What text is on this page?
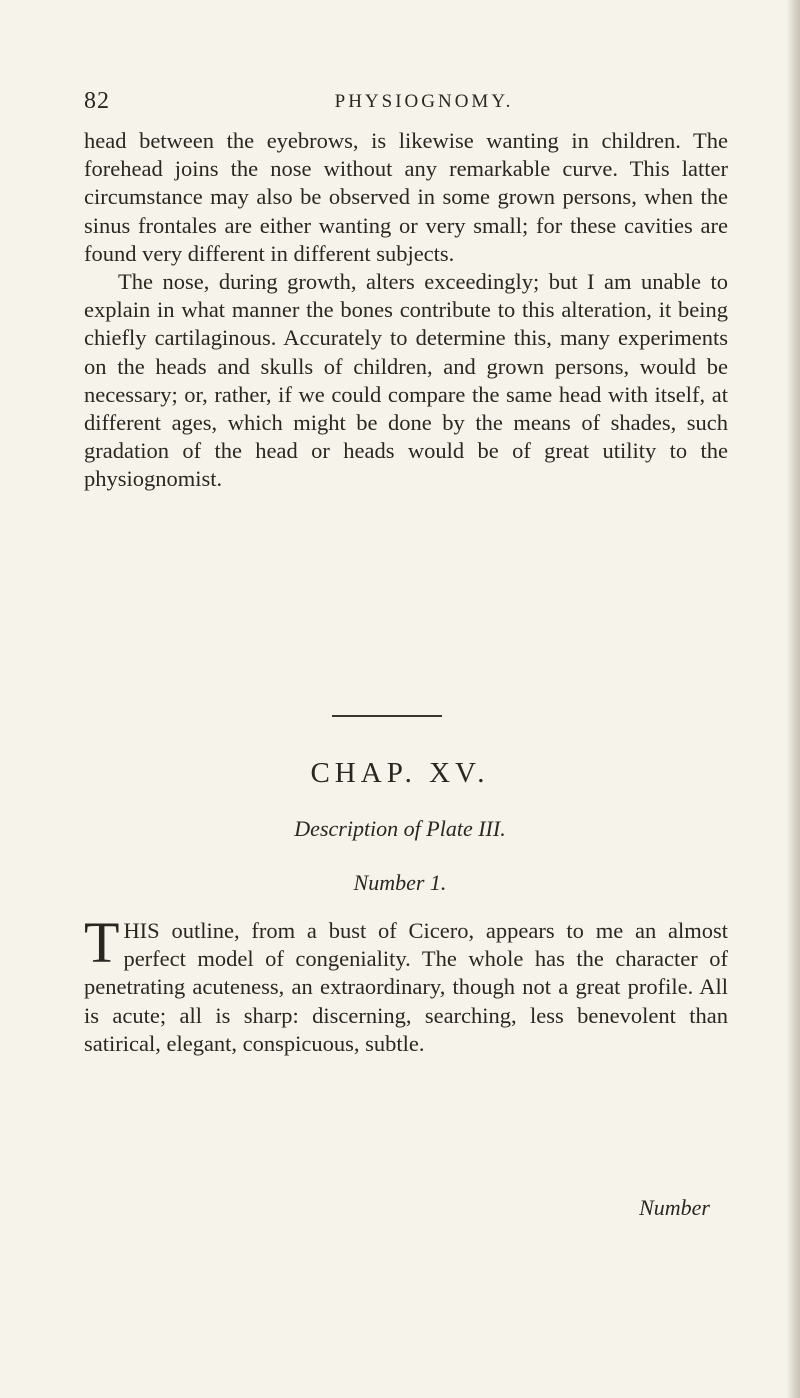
82	PHYSIOGNOMY.

head between the eyebrows, is likewise wanting in children. The forehead joins the nose without any remarkable curve. This latter circumstance may also be observed in some grown persons, when the sinus frontales are either wanting or very small; for these cavities are found very different in different subjects.

The nose, during growth, alters exceedingly; but I am unable to explain in what manner the bones contribute to this alteration, it being chiefly cartilaginous. Accurately to determine this, many experiments on the heads and skulls of children, and grown persons, would be necessary; or, rather, if we could compare the same head with itself, at different ages, which might be done by the means of shades, such gradation of the head or heads would be of great utility to the physiognomist.

CHAP. XV.
Description of Plate III.
Number 1.

THIS outline, from a bust of Cicero, appears to me an almost perfect model of congeniality. The whole has the character of penetrating acuteness, an extraordinary, though not a great profile. All is acute; all is sharp: discerning, searching, less benevolent than satirical, elegant, conspicuous, subtle.

Number
